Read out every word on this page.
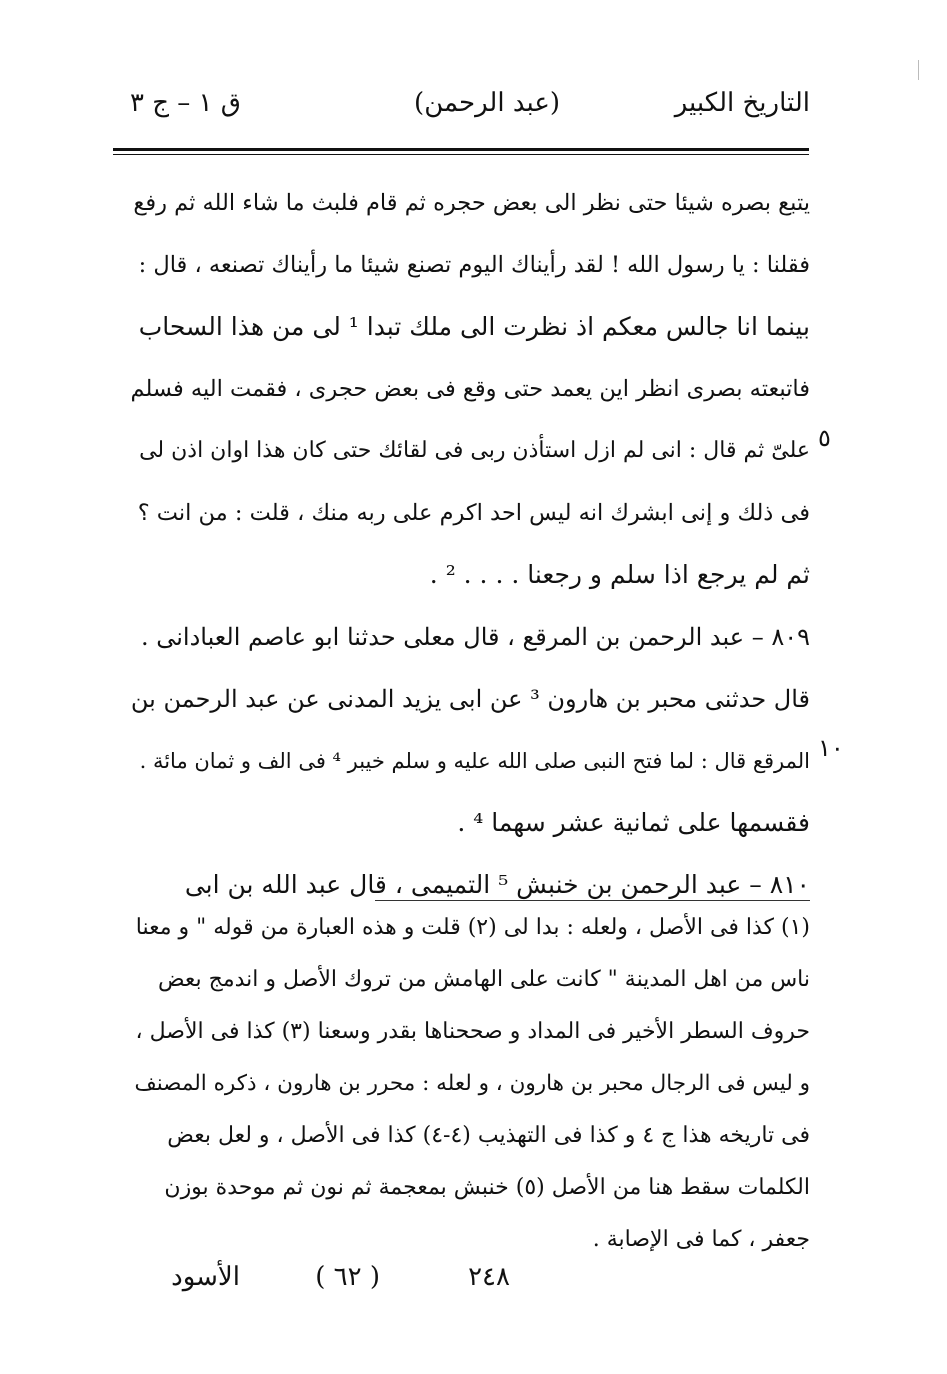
التاريخ الكبير
(عبد الرحمن)
ق ١ – ج ٣
يتبع بصره شيئا حتى نظر الى بعض حجره ثم قام فلبث ما شاء الله ثم رفع
فقلنا : يا رسول الله ! لقد رأيناك اليوم تصنع شيئا ما رأيناك تصنعه ، قال :
بينما انا جالس معكم اذ نظرت الى ملك تبدا ¹ لى من هذا السحاب
فاتبعته بصرى انظر اين يعمد حتى وقع فى بعض حجرى ، فقمت اليه فسلم
علىّ ثم قال : انى لم ازل استأذن ربى فى لقائك حتى كان هذا اوان اذن لى
فى ذلك و إنى ابشرك انه ليس احد اكرم على ربه منك ، قلت : من انت ؟
ثم لم يرجع اذا سلم و رجعنا . . . . ² .
٨٠٩ – عبد الرحمن بن المرقع ، قال معلى حدثنا ابو عاصم العبادانى .
قال حدثنى محبر بن هارون ³ عن ابى يزيد المدنى عن عبد الرحمن بن
المرقع قال : لما فتح النبى صلى الله عليه و سلم خيبر ⁴ فى الف و ثمان مائة .
فقسمها على ثمانية عشر سهما ⁴ .
٨١٠ – عبد الرحمن بن خنبش ⁵ التميمى ، قال عبد الله بن ابى
٥
١٠
(١) كذا فى الأصل ، ولعله : بدا لى (٢) قلت و هذه العبارة من قوله " و معنا
ناس من اهل المدينة " كانت على الهامش من تروك الأصل و اندمج بعض
حروف السطر الأخير فى المداد و صححناها بقدر وسعنا (٣) كذا فى الأصل ،
و ليس فى الرجال محبر بن هارون ، و لعله : محرر بن هارون ، ذكره المصنف
فى تاريخه هذا ج ٤ و كذا فى التهذيب (٤-٤) كذا فى الأصل ، و لعل بعض
الكلمات سقط هنا من الأصل (٥) خنبش بمعجمة ثم نون ثم موحدة بوزن
جعفر ، كما فى الإصابة .
٢٤٨
( ٦٢ )
الأسود
